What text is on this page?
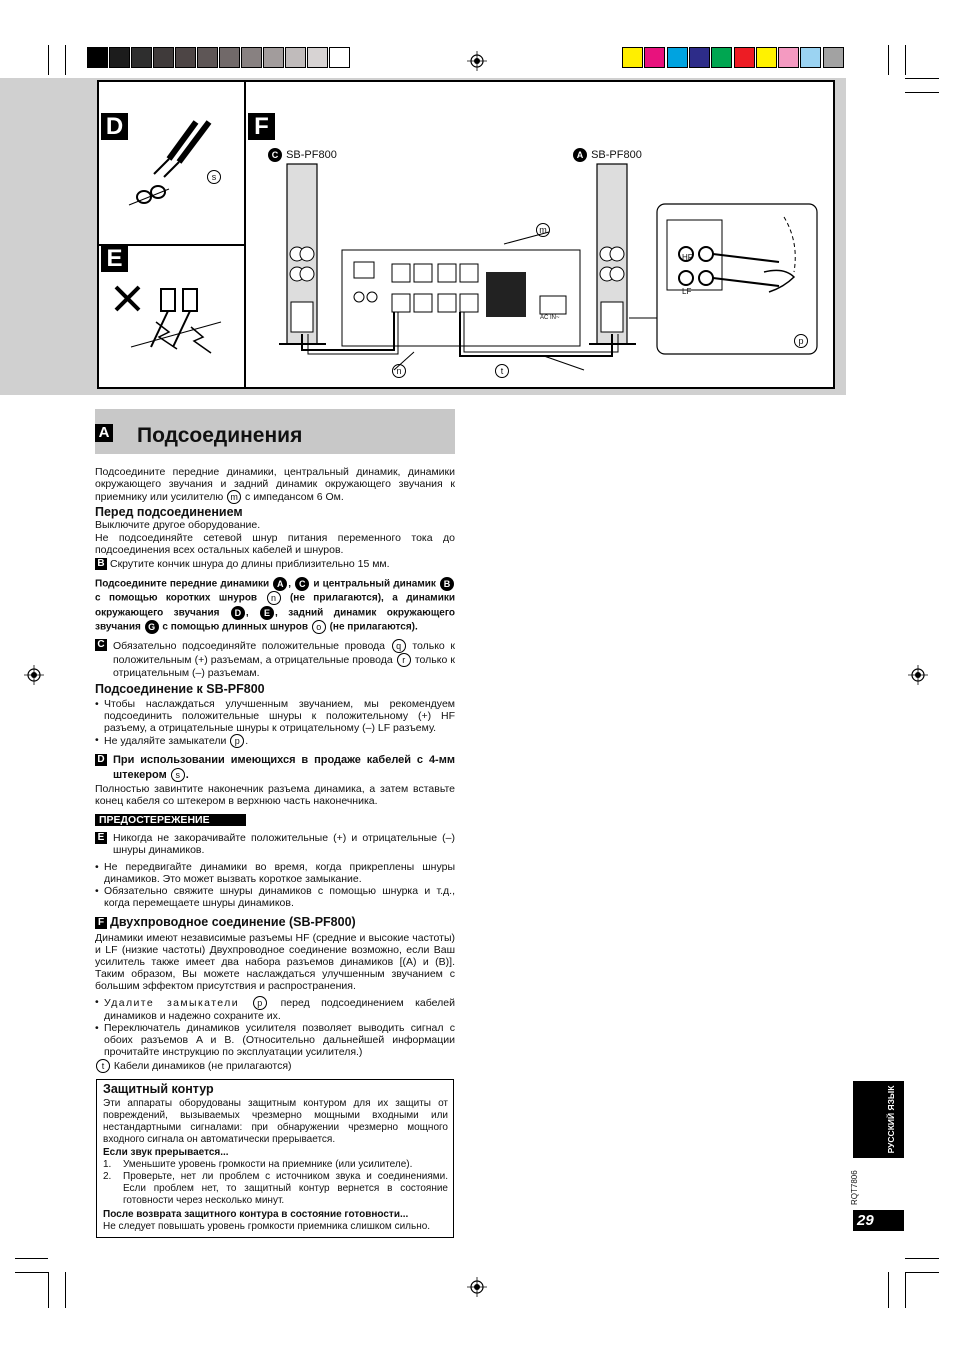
D
E
F
s
C SB-PF800	A SB-PF800
HF
LF
AC IN~
m
n	t
p
A Подсоединения
Подсоедините передние динамики, центральный динамик, динамики окружающего звучания и задний динамик окружающего звучания к приемнику или усилителю m с импедансом 6 Ом.
Перед подсоединением
Выключите другое оборудование.
Не подсоединяйте сетевой шнур питания переменного тока до подсоединения всех остальных кабелей и шнуров.
B Скрутите кончик шнура до длины приблизительно 15 мм.
Подсоедините передние динамики A , C и центральный динамик B с помощью коротких шнуров n (не прилагаются), а динамики окружающего звучания D , E , задний динамик окружающего звучания G с помощью длинных шнуров o (не прилагаются).
C Обязательно подсоединяйте положительные провода q только к положительным (+) разъемам, а отрицательные провода r только к отрицательным (–) разъемам.
Подсоединение к SB-PF800
• Чтобы наслаждаться улучшенным звучанием, мы рекомендуем подсоединить положительные шнуры к положительному (+) HF разъему, а отрицательные шнуры к отрицательному (–) LF разъему.
• Не удаляйте замыкатели p .
D При использовании имеющихся в продаже кабелей с 4-мм штекером s .
Полностью завинтите наконечник разъема динамика, а затем вставьте конец кабеля со штекером в верхнюю часть наконечника.
ПРЕДОСТЕРЕЖЕНИЕ
E Никогда не закорачивайте положительные (+) и отрицательные (–) шнуры динамиков.
• Не передвигайте динамики во время, когда прикреплены шнуры динамиков. Это может вызвать короткое замыкание.
• Обязательно свяжите шнуры динамиков с помощью шнурка и т.д., когда перемещаете шнуры динамиков.
F Двухпроводное соединение (SB-PF800)
Динамики имеют независимые разъемы HF (средние и высокие частоты) и LF (низкие частоты) Двухпроводное соединение возможно, если Ваш усилитель также имеет два набора разъемов динамиков [(A) и (B)]. Таким образом, Вы можете наслаждаться улучшенным звучанием с большим эффектом присутствия и распространения.
• Удалите замыкатели p перед подсоединением кабелей динамиков и надежно сохраните их.
• Переключатель динамиков усилителя позволяет выводить сигнал с обоих разъемов A и B. (Относительно дальнейшей информации прочитайте инструкцию по эксплуатации усилителя.)
t Кабели динамиков (не прилагаются)
Защитный контур
Эти аппараты оборудованы защитным контуром для их защиты от повреждений, вызываемых чрезмерно мощными входными или нестандартными сигналами: при обнаружении чрезмерно мощного входного сигнала он автоматически прерывается.
Если звук прерывается...
1. Уменьшите уровень громкости на приемнике (или усилителе).
2. Проверьте, нет ли проблем с источником звука и соединениями. Если проблем нет, то защитный контур вернется в состояние готовности через несколько минут.
После возврата защитного контура в состояние готовности...
Не следует повышать уровень громкости приемника слишком сильно.
РУССКИЙ ЯЗЫК
RQT7806
29
